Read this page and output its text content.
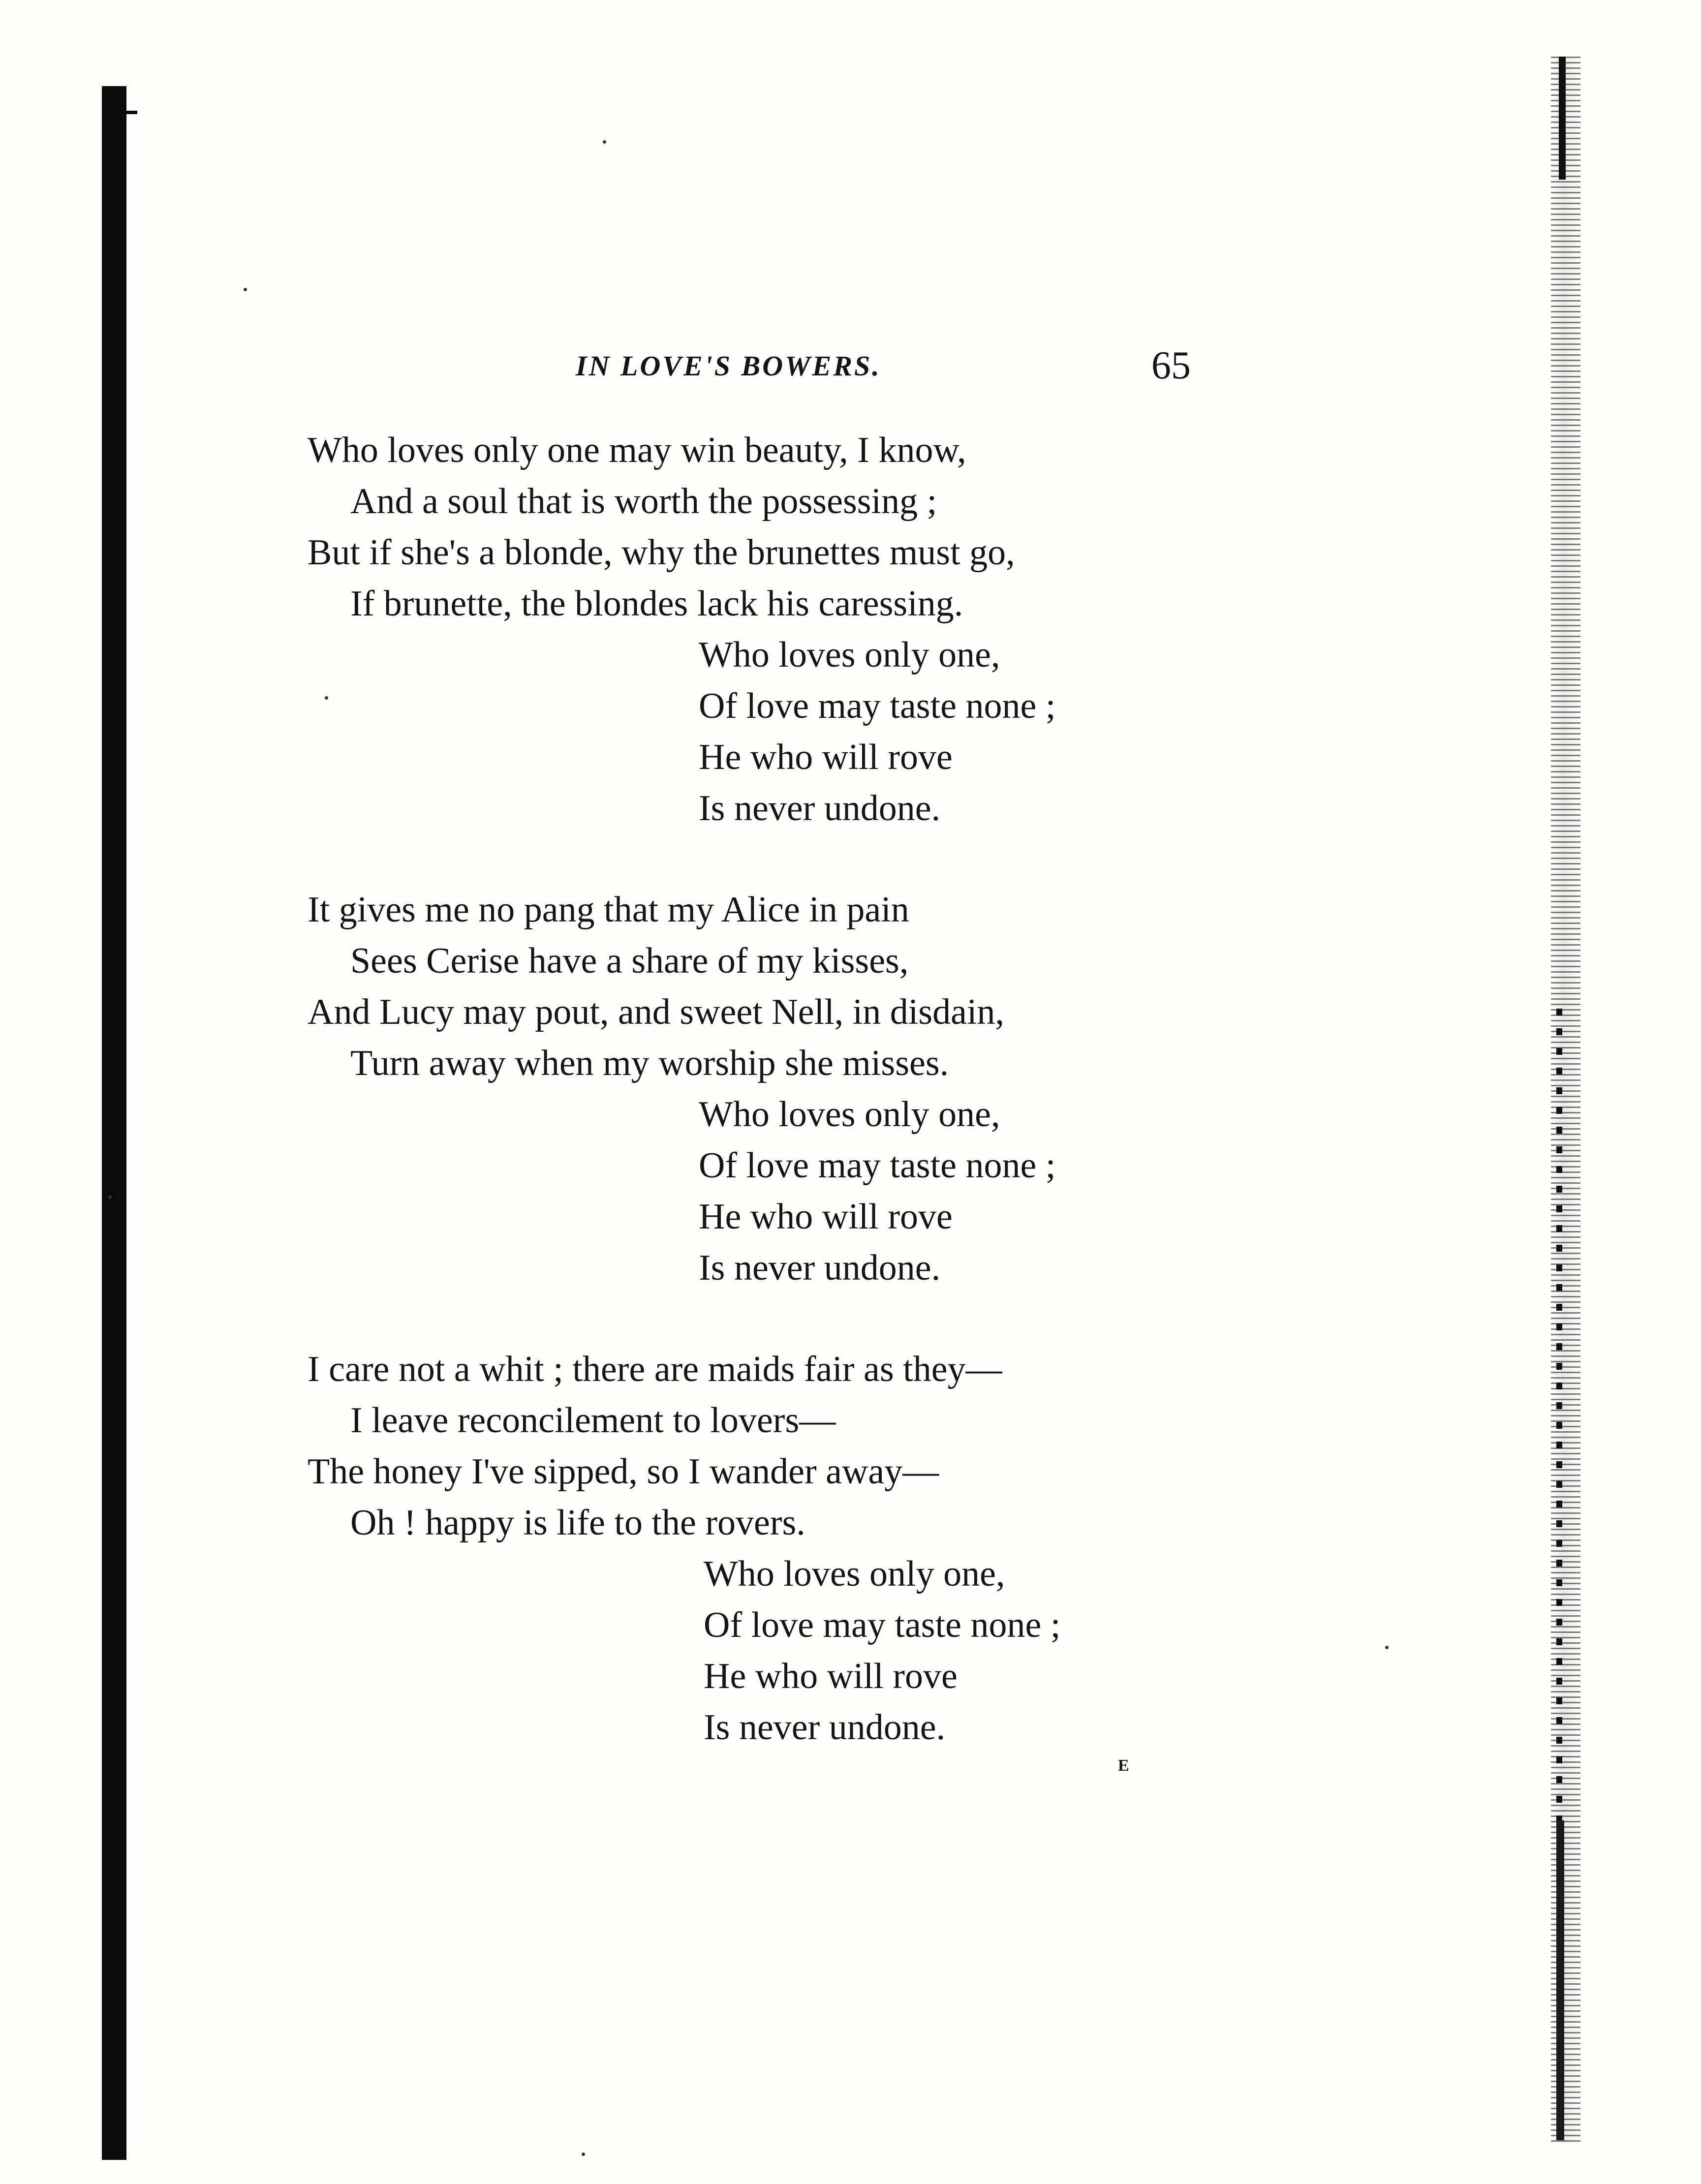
IN LOVE'S BOWERS.	65
Who loves only one may win beauty, I know,
And a soul that is worth the possessing ;
But if she's a blonde, why the brunettes must go,
If brunette, the blondes lack his caressing.
Who loves only one,
Of love may taste none ;
He who will rove
Is never undone.
It gives me no pang that my Alice in pain
Sees Cerise have a share of my kisses,
And Lucy may pout, and sweet Nell, in disdain,
Turn away when my worship she misses.
Who loves only one,
Of love may taste none ;
He who will rove
Is never undone.
I care not a whit ; there are maids fair as they—
I leave reconcilement to lovers—
The honey I've sipped, so I wander away—
Oh ! happy is life to the rovers.
Who loves only one,
Of love may taste none ;
He who will rove
Is never undone.
E
